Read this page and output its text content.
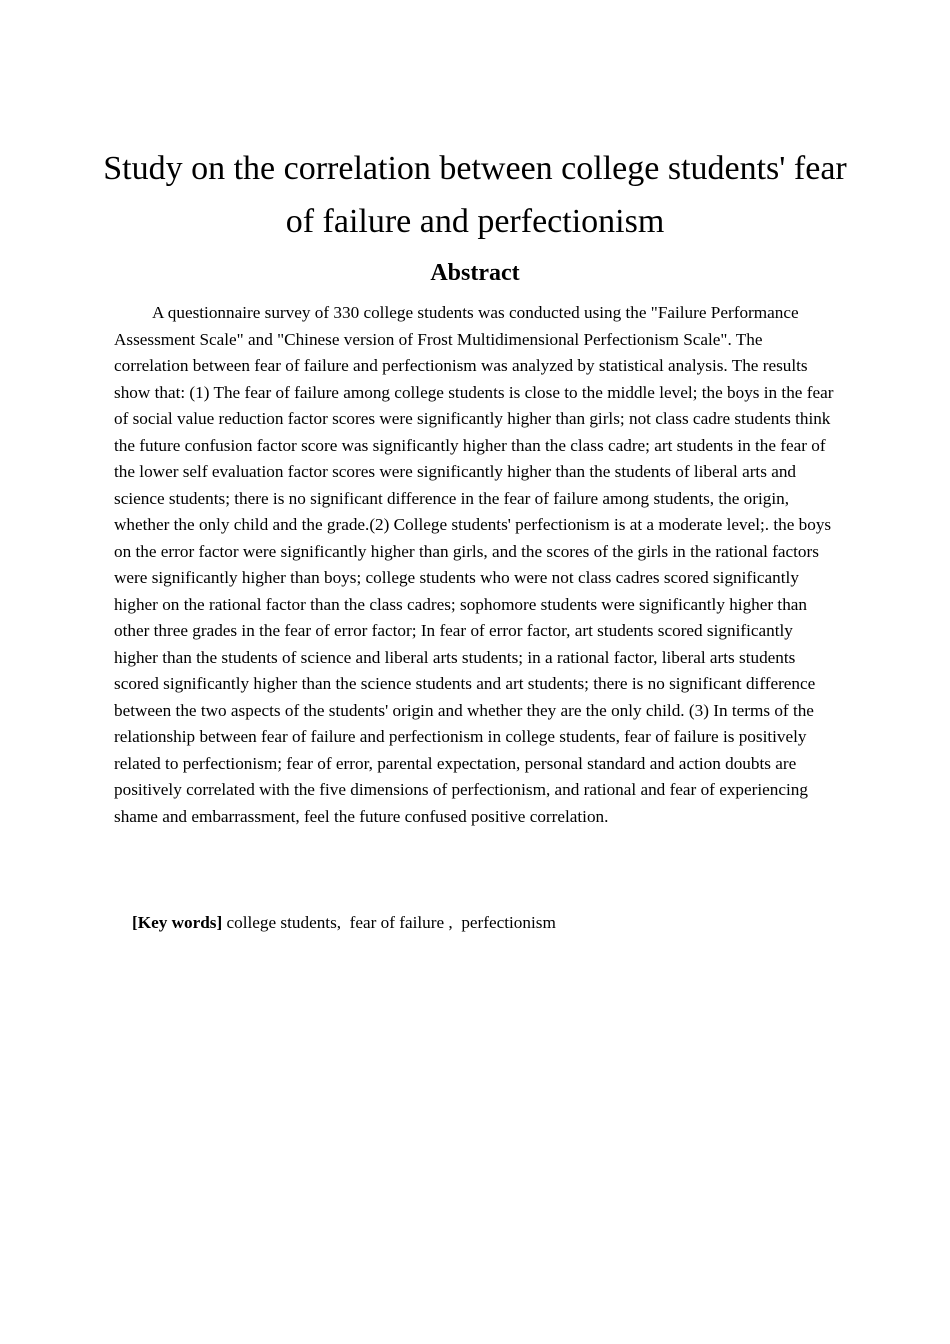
Study on the correlation between college students' fear of failure and perfectionism
Abstract

A questionnaire survey of 330 college students was conducted using the "Failure Performance Assessment Scale" and "Chinese version of Frost Multidimensional Perfectionism Scale". The correlation between fear of failure and perfectionism was analyzed by statistical analysis. The results show that: (1) The fear of failure among college students is close to the middle level; the boys in the fear of social value reduction factor scores were significantly higher than girls; not class cadre students think the future confusion factor score was significantly higher than the class cadre; art students in the fear of the lower self evaluation factor scores were significantly higher than the students of liberal arts and science students; there is no significant difference in the fear of failure among students, the origin, whether the only child and the grade.(2) College students' perfectionism is at a moderate level;. the boys on the error factor were significantly higher than girls, and the scores of the girls in the rational factors were significantly higher than boys; college students who were not class cadres scored significantly higher on the rational factor than the class cadres; sophomore students were significantly higher than other three grades in the fear of error factor; In fear of error factor, art students scored significantly higher than the students of science and liberal arts students; in a rational factor, liberal arts students scored significantly higher than the science students and art students; there is no significant difference between the two aspects of the students' origin and whether they are the only child. (3) In terms of the relationship between fear of failure and perfectionism in college students, fear of failure is positively related to perfectionism; fear of error, parental expectation, personal standard and action doubts are positively correlated with the five dimensions of perfectionism, and rational and fear of experiencing shame and embarrassment, feel the future confused positive correlation.

[Key words] college students,  fear of failure ,  perfectionism
